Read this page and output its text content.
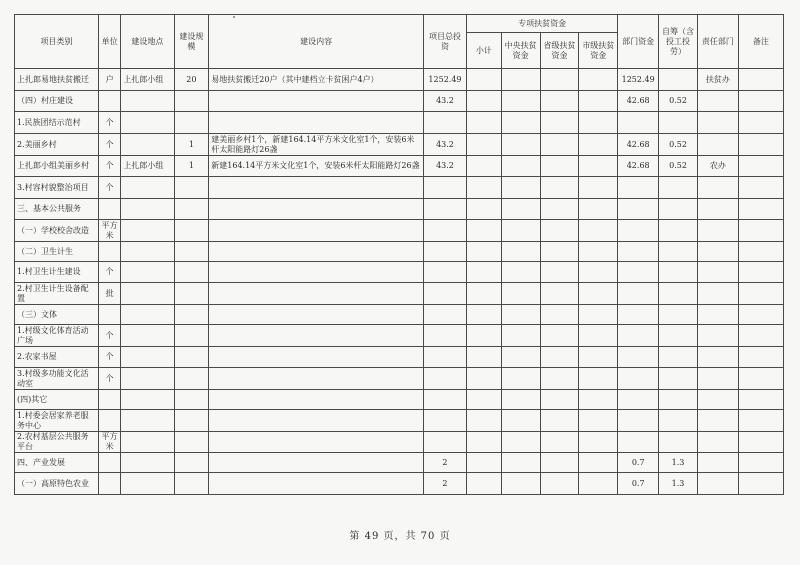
项目类别	单位	建设地点	建设规模	建设内容	项目总投资	专项扶贫资金				部门资金	自筹（含投工投劳）	责任部门	备注
						小计	中央扶贫资金	省级扶贫资金	市级扶贫资金				
上扎郎易地扶贫搬迁	户	上扎郎小组	20	易地扶贫搬迁20户（其中建档立卡贫困户4户）	1252.49					1252.49		扶贫办	
（四）村庄建设					43.2					42.68	0.52		
1.民族团结示范村	个												
2.美丽乡村	个		1	建美丽乡村1个，新建164.14平方米文化室1个，安装6米杆太阳能路灯26盏	43.2					42.68	0.52		
上扎郎小组美丽乡村	个	上扎郎小组	1	新建164.14平方米文化室1个，安装6米杆太阳能路灯26盏	43.2					42.68	0.52	农办	
3.村容村貌整治项目	个												
三、基本公共服务													
（一）学校校舍改造	平方米												
（二）卫生计生													
1.村卫生计生建设	个												
2.村卫生计生设备配置	批												
（三）文体													
1.村级文化体育活动广场	个												
2.农家书屋	个												
3.村级多功能文化活动室	个												
(四)其它													
1.村委会居家养老服务中心													
2.农村基层公共服务平台	平方米												
四、产业发展					2					0.7	1.3		
（一）高原特色农业					2					0.7	1.3		
第 49 页，共 70 页
